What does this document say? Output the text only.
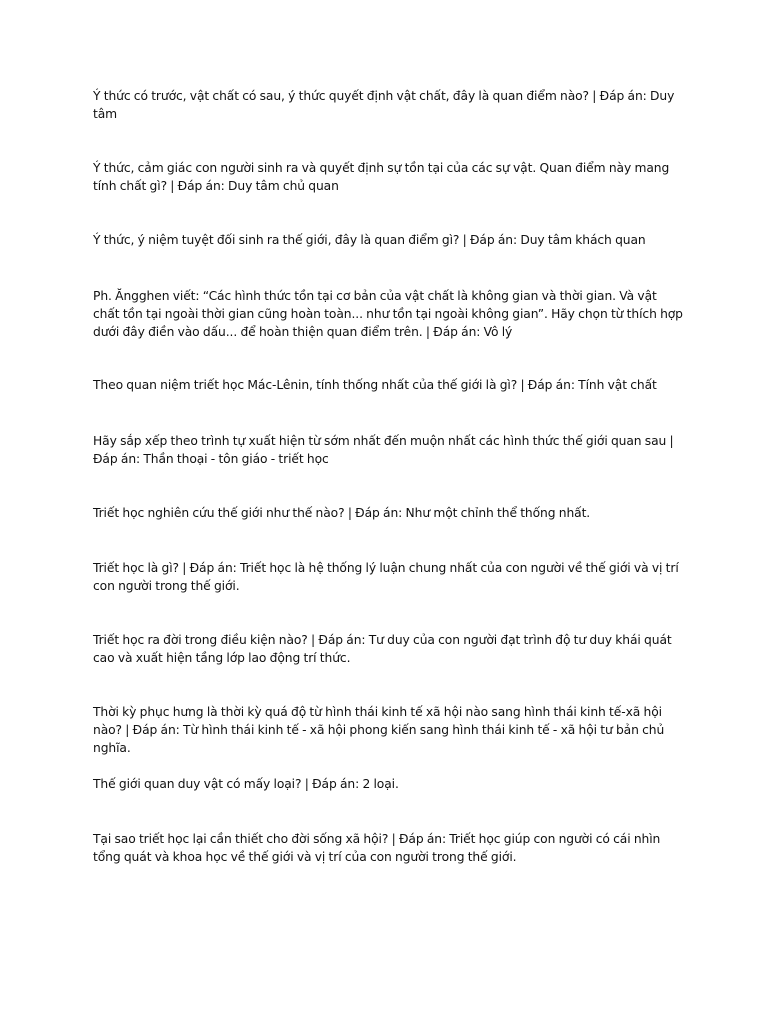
Ý thức có trước, vật chất có sau, ý thức quyết định vật chất, đây là quan điểm nào? | Đáp án: Duy tâm

Ý thức, cảm giác con người sinh ra và quyết định sự tồn tại của các sự vật. Quan điểm này mang tính chất gì? | Đáp án: Duy tâm chủ quan

Ý thức, ý niệm tuyệt đối sinh ra thế giới, đây là quan điểm gì? | Đáp án: Duy tâm khách quan

Ph. Ăngghen viết: “Các hình thức tồn tại cơ bản của vật chất là không gian và thời gian. Và vật chất tồn tại ngoài thời gian cũng hoàn toàn... như tồn tại ngoài không gian”. Hãy chọn từ thích hợp dưới đây điền vào dấu... để hoàn thiện quan điểm trên. | Đáp án: Vô lý

Theo quan niệm triết học Mác-Lênin, tính thống nhất của thế giới là gì? | Đáp án: Tính vật chất

Hãy sắp xếp theo trình tự xuất hiện từ sớm nhất đến muộn nhất các hình thức thế giới quan sau | Đáp án: Thần thoại - tôn giáo - triết học

Triết học nghiên cứu thế giới như thế nào? | Đáp án: Như một chỉnh thể thống nhất.

Triết học là gì? | Đáp án: Triết học là hệ thống lý luận chung nhất của con người về thế giới và vị trí con người trong thế giới.

Triết học ra đời trong điều kiện nào? | Đáp án: Tư duy của con người đạt trình độ tư duy khái quát cao và xuất hiện tầng lớp lao động trí thức.

Thời kỳ phục hưng là thời kỳ quá độ từ hình thái kinh tế xã hội nào sang hình thái kinh tế-xã hội nào? | Đáp án: Từ hình thái kinh tế - xã hội phong kiến sang hình thái kinh tế - xã hội tư bản chủ nghĩa.

Thế giới quan duy vật có mấy loại? | Đáp án: 2 loại.

Tại sao triết học lại cần thiết cho đời sống xã hội? | Đáp án: Triết học giúp con người có cái nhìn tổng quát và khoa học về thế giới và vị trí của con người trong thế giới.
